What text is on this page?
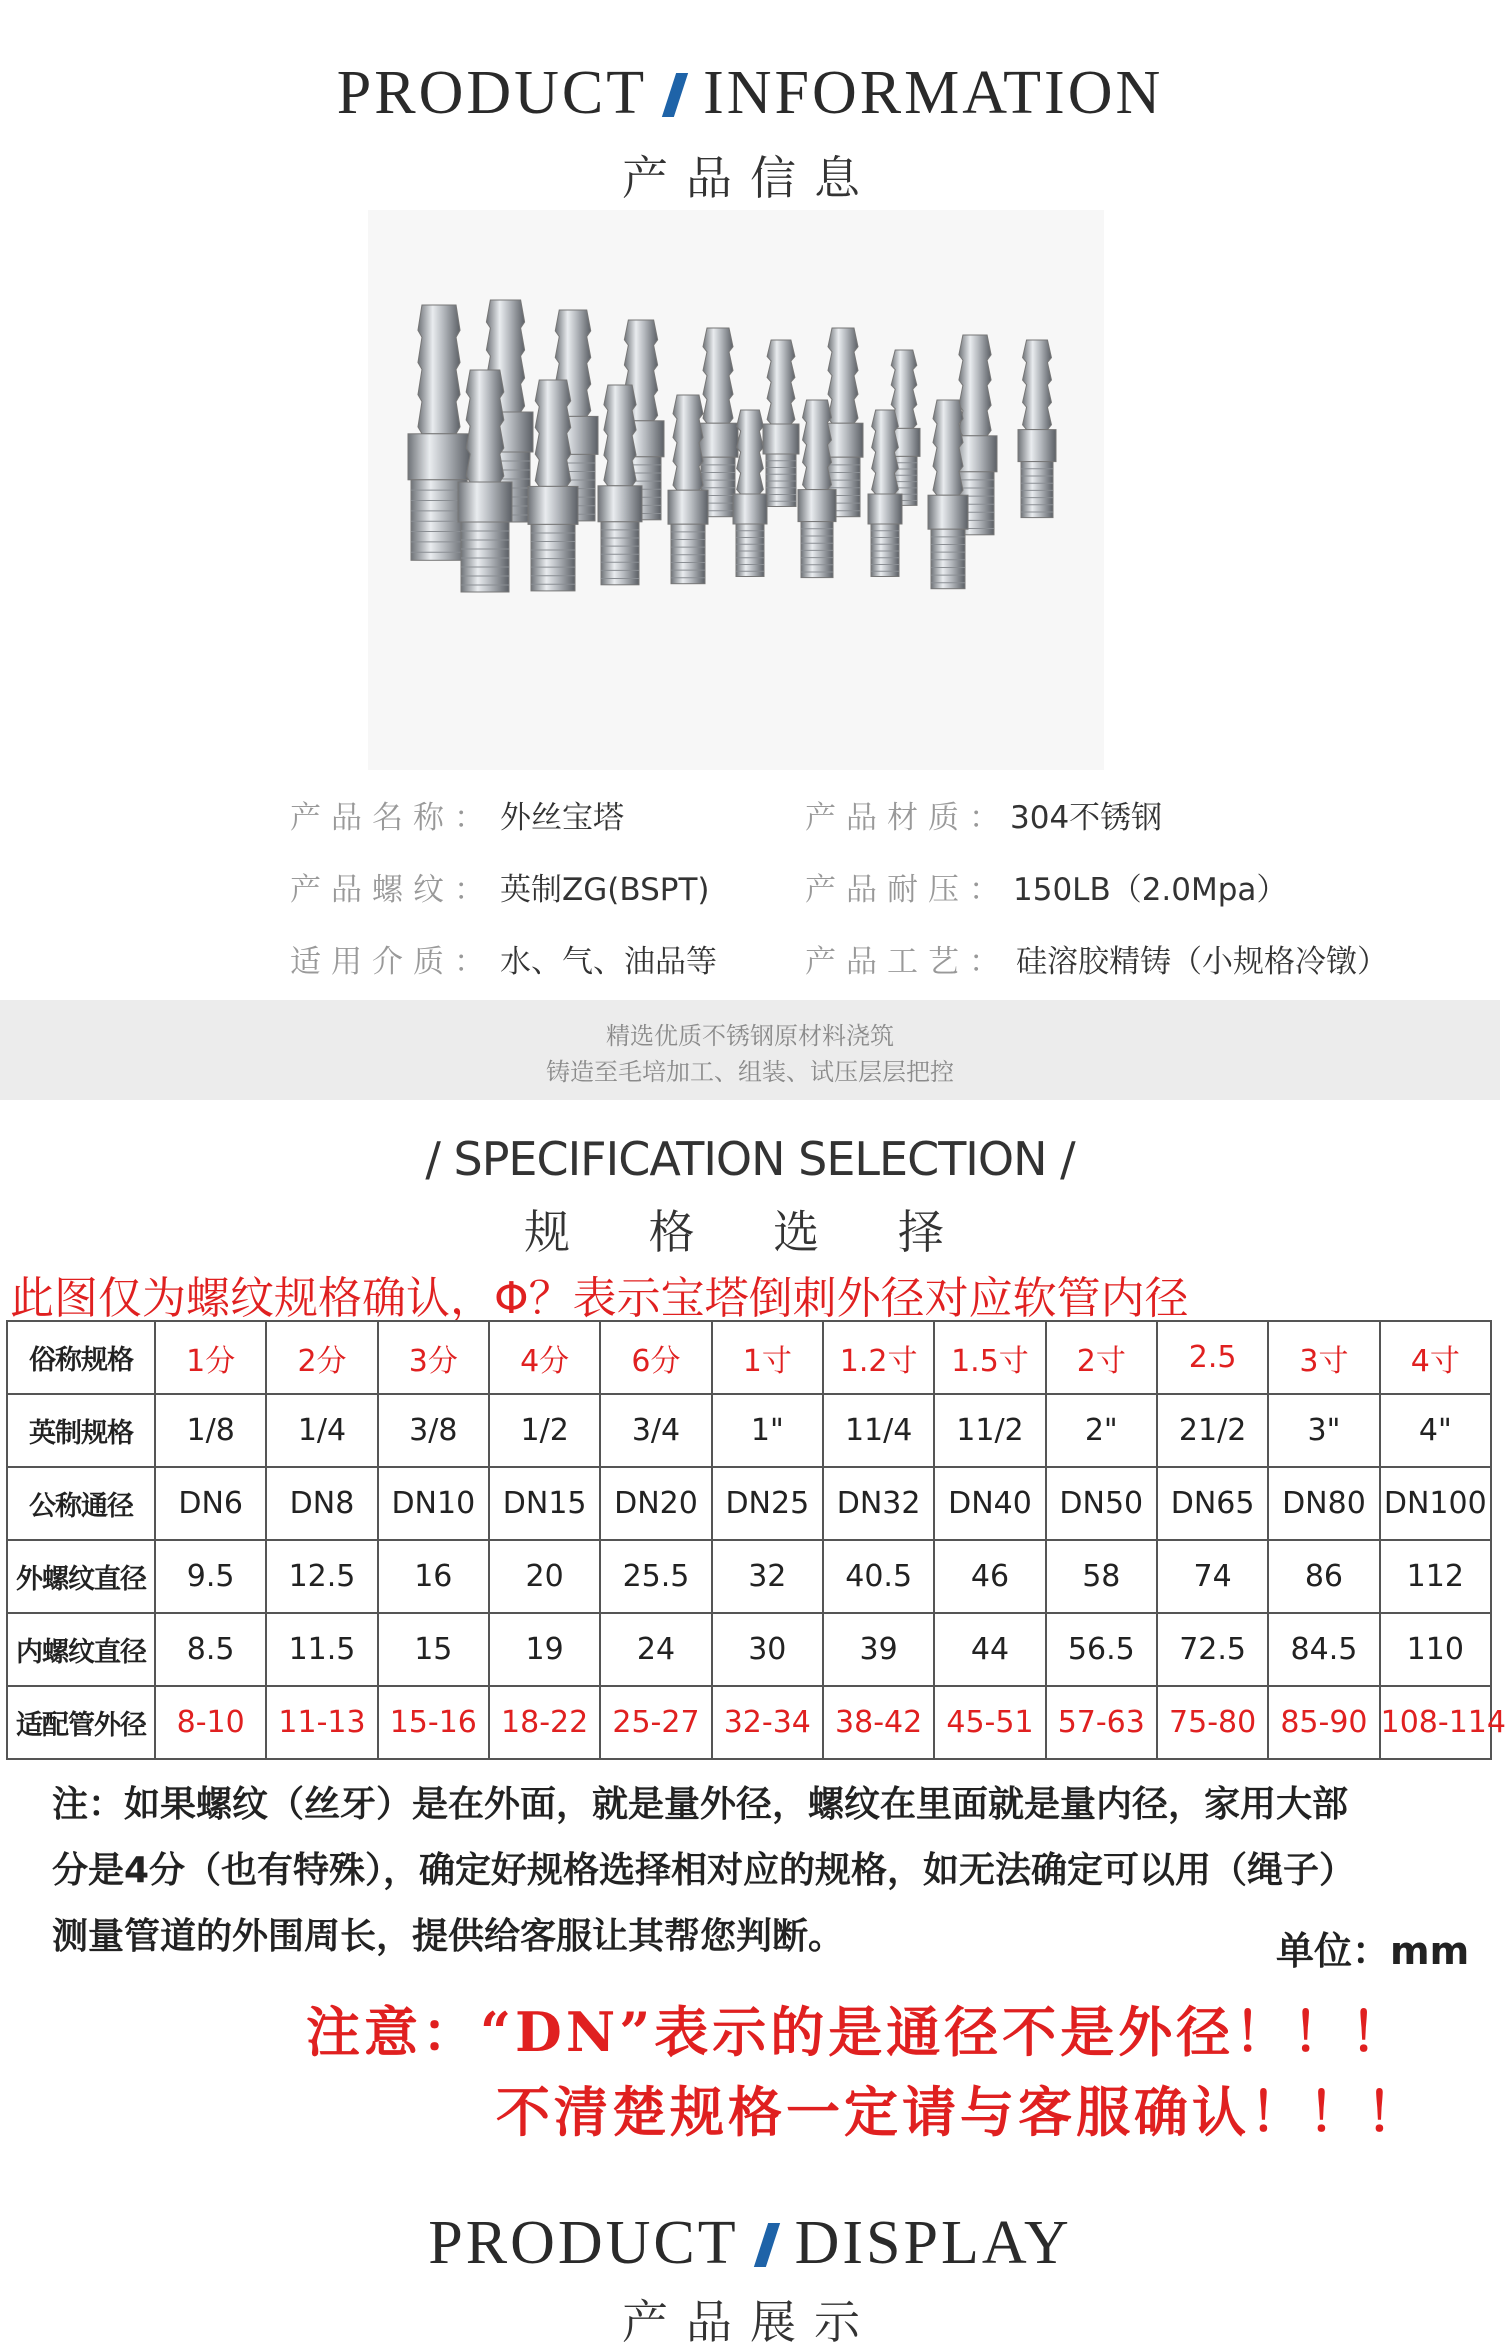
PRODUCT INFORMATION
产品信息
产品名称： 外丝宝塔	产品材质： 304不锈钢
产品螺纹： 英制ZG(BSPT)	产品耐压： 150LB（2.0Mpa）
适用介质： 水、气、油品等	产品工艺： 硅溶胶精铸（小规格冷镦）
精选优质不锈钢原材料浇筑
铸造至毛培加工、组装、试压层层把控
/ SPECIFICATION SELECTION /
规 格 选 择
此图仅为螺纹规格确认，Φ？表示宝塔倒刺外径对应软管内径
俗称规格	1分	2分	3分	4分	6分	1寸	1.2寸	1.5寸	2寸	2.5	3寸	4寸
英制规格	1/8	1/4	3/8	1/2	3/4	1"	11/4	11/2	2"	21/2	3"	4"
公称通径	DN6	DN8	DN10	DN15	DN20	DN25	DN32	DN40	DN50	DN65	DN80	DN100
外螺纹直径	9.5	12.5	16	20	25.5	32	40.5	46	58	74	86	112
内螺纹直径	8.5	11.5	15	19	24	30	39	44	56.5	72.5	84.5	110
适配管外径	8-10	11-13	15-16	18-22	25-27	32-34	38-42	45-51	57-63	75-80	85-90	108-114
注：如果螺纹（丝牙）是在外面，就是量外径，螺纹在里面就是量内径，家用大部
分是4分（也有特殊），确定好规格选择相对应的规格，如无法确定可以用（绳子）
测量管道的外围周长，提供给客服让其帮您判断。	单位：mm
注意：“DN”表示的是通径不是外径！！！
不清楚规格一定请与客服确认！！！
PRODUCT DISPLAY
产品展示
